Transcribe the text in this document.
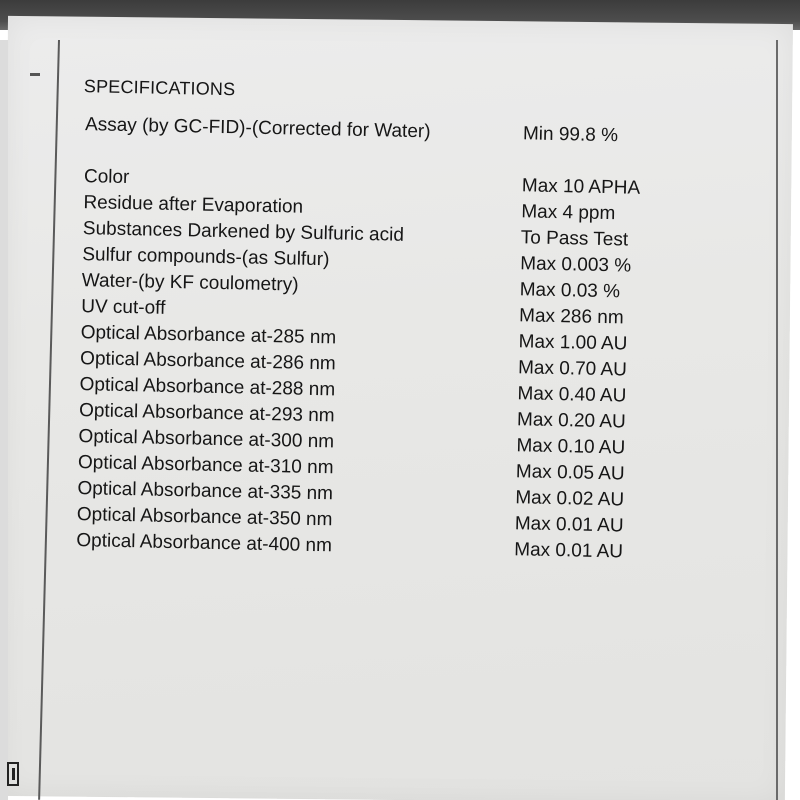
SPECIFICATIONS
Assay (by GC-FID)-(Corrected for Water)	Min 99.8 %
Color	Max 10 APHA
Residue after Evaporation	Max 4 ppm
Substances Darkened by Sulfuric acid	To Pass Test
Sulfur compounds-(as Sulfur)	Max 0.003 %
Water-(by KF coulometry)	Max 0.03 %
UV cut-off	Max 286 nm
Optical Absorbance at-285 nm	Max 1.00 AU
Optical Absorbance at-286 nm	Max 0.70 AU
Optical Absorbance at-288 nm	Max 0.40 AU
Optical Absorbance at-293 nm	Max 0.20 AU
Optical Absorbance at-300 nm	Max 0.10 AU
Optical Absorbance at-310 nm	Max 0.05 AU
Optical Absorbance at-335 nm	Max 0.02 AU
Optical Absorbance at-350 nm	Max 0.01 AU
Optical Absorbance at-400 nm	Max 0.01 AU
